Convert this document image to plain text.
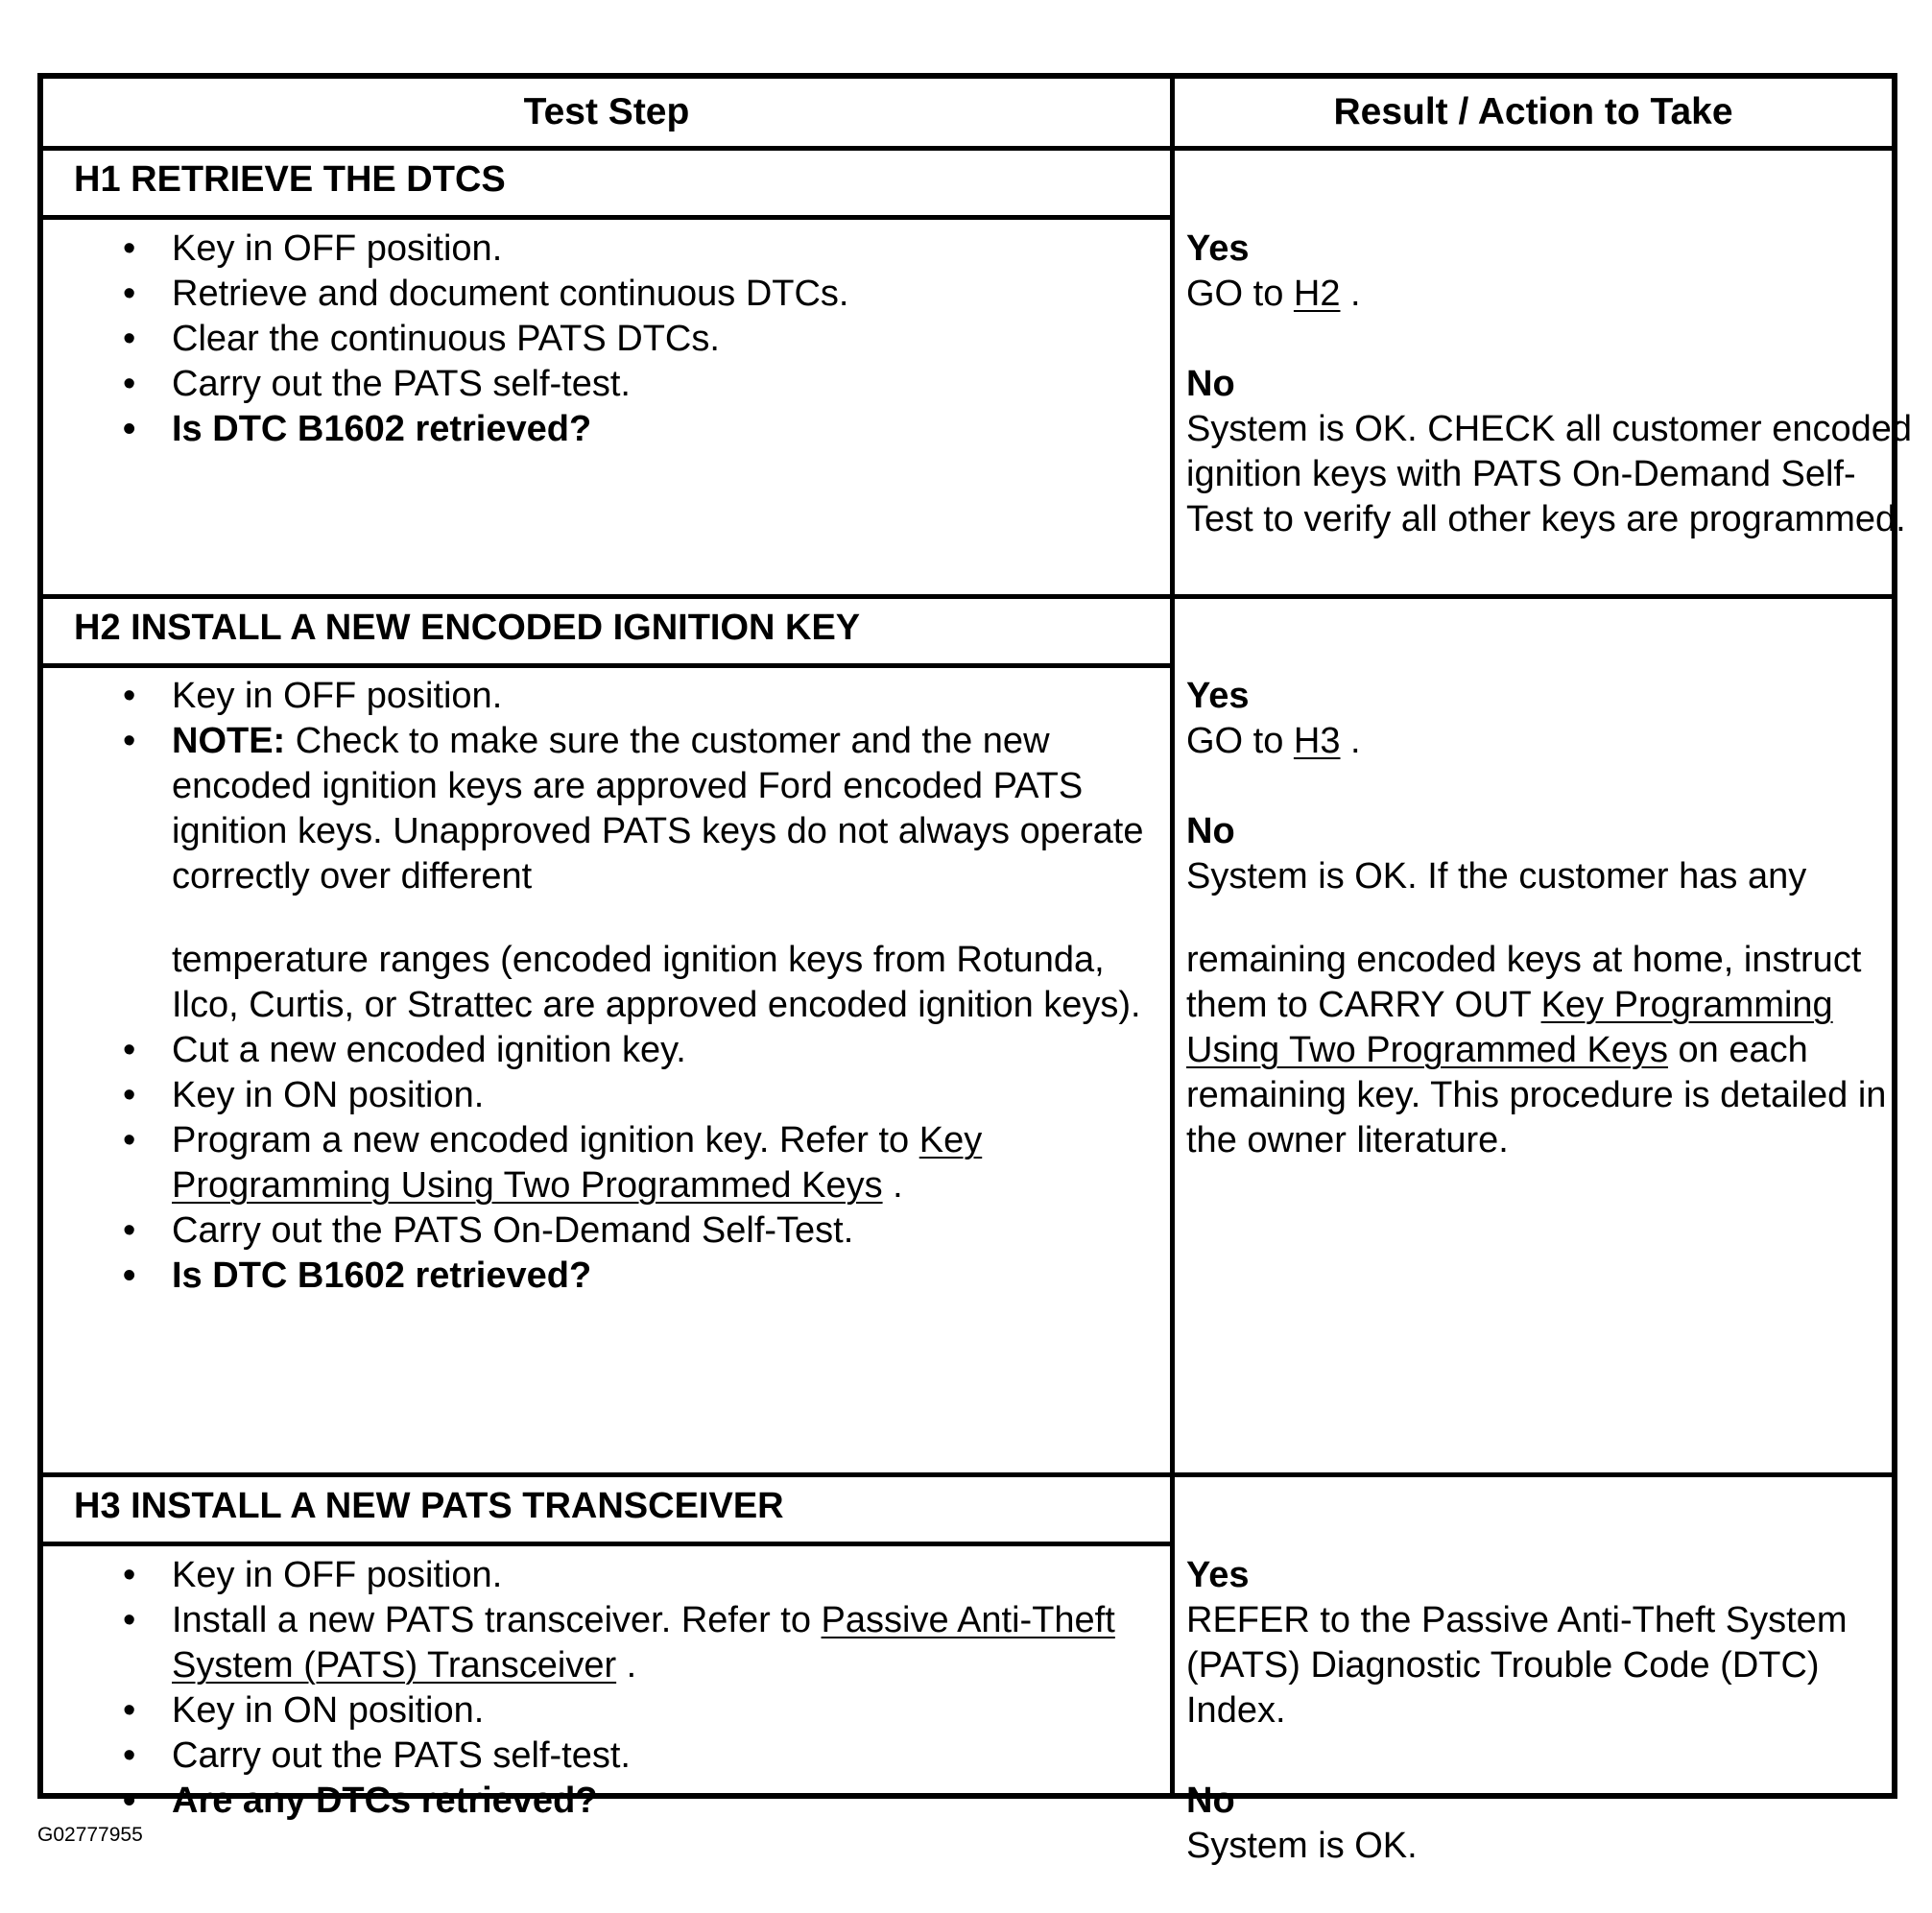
Test Step	Result / Action to Take
H1 RETRIEVE THE DTCS
• Key in OFF position.
• Retrieve and document continuous DTCs.
• Clear the continuous PATS DTCs.
• Carry out the PATS self-test.
• Is DTC B1602 retrieved?

Yes

GO to H2 .

No

System is OK. CHECK all customer encoded ignition keys with PATS On-Demand Self-Test to verify all other keys are programmed.

H2 INSTALL A NEW ENCODED IGNITION KEY
• Key in OFF position.
• NOTE: Check to make sure the customer and the new encoded ignition keys are approved Ford encoded PATS ignition keys. Unapproved PATS keys do not always operate correctly over different
temperature ranges (encoded ignition keys from Rotunda, Ilco, Curtis, or Strattec are approved encoded ignition keys).
• Cut a new encoded ignition key.
• Key in ON position.
• Program a new encoded ignition key. Refer to Key Programming Using Two Programmed Keys .
• Carry out the PATS On-Demand Self-Test.
• Is DTC B1602 retrieved?

Yes

GO to H3 .

No

System is OK. If the customer has any

remaining encoded keys at home, instruct them to CARRY OUT Key Programming Using Two Programmed Keys on each remaining key. This procedure is detailed in the owner literature.

H3 INSTALL A NEW PATS TRANSCEIVER
• Key in OFF position.
• Install a new PATS transceiver. Refer to Passive Anti-Theft System (PATS) Transceiver .
• Key in ON position.
• Carry out the PATS self-test.
• Are any DTCs retrieved?

Yes

REFER to the Passive Anti-Theft System (PATS) Diagnostic Trouble Code (DTC) Index.

No

System is OK.

G02777955
